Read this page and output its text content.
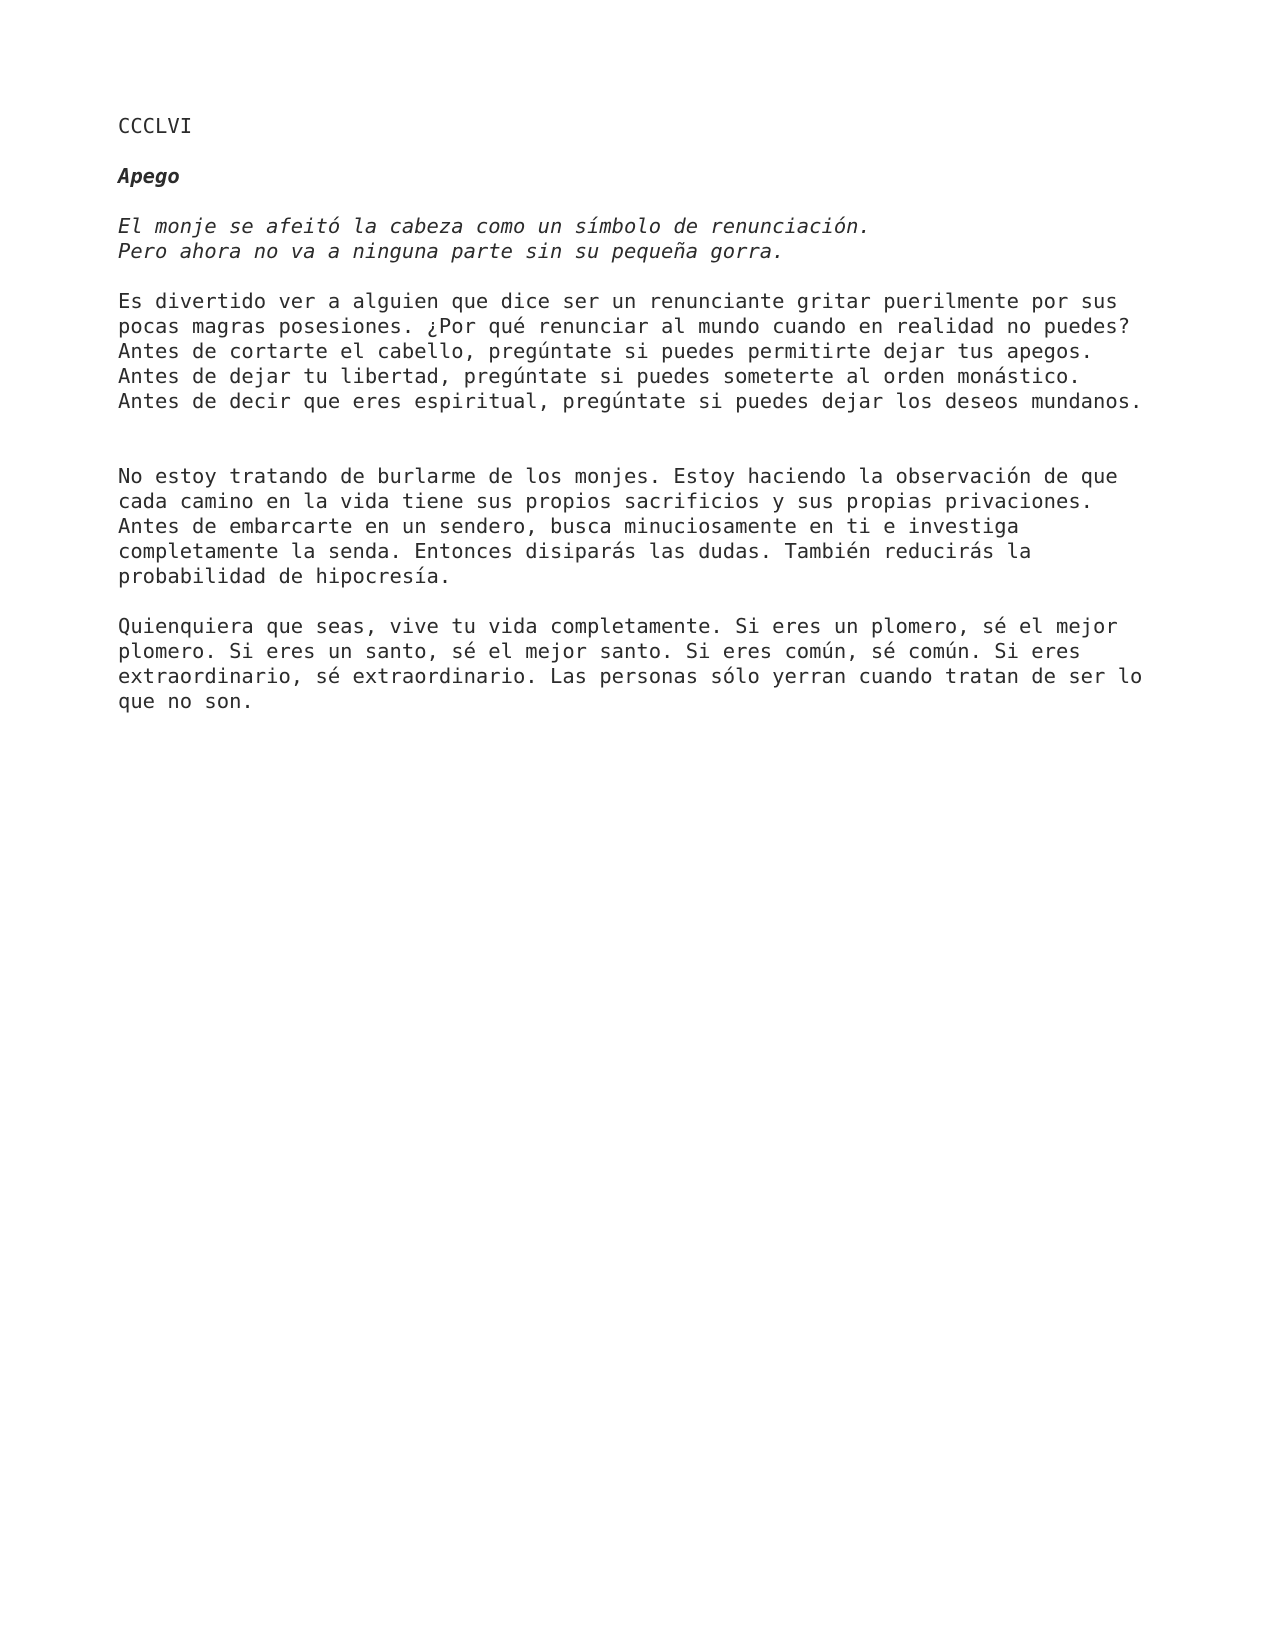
CCCLVI
Apego
El monje se afeitó la cabeza como un símbolo de renunciación.
Pero ahora no va a ninguna parte sin su pequeña gorra.
Es divertido ver a alguien que dice ser un renunciante gritar puerilmente por sus
pocas magras posesiones. ¿Por qué renunciar al mundo cuando en realidad no puedes?
Antes de cortarte el cabello, pregúntate si puedes permitirte dejar tus apegos.
Antes de dejar tu libertad, pregúntate si puedes someterte al orden monástico.
Antes de decir que eres espiritual, pregúntate si puedes dejar los deseos mundanos.
No estoy tratando de burlarme de los monjes. Estoy haciendo la observación de que
cada camino en la vida tiene sus propios sacrificios y sus propias privaciones.
Antes de embarcarte en un sendero, busca minuciosamente en ti e investiga
completamente la senda. Entonces disiparás las dudas. También reducirás la
probabilidad de hipocresía.
Quienquiera que seas, vive tu vida completamente. Si eres un plomero, sé el mejor
plomero. Si eres un santo, sé el mejor santo. Si eres común, sé común. Si eres
extraordinario, sé extraordinario. Las personas sólo yerran cuando tratan de ser lo
que no son.
